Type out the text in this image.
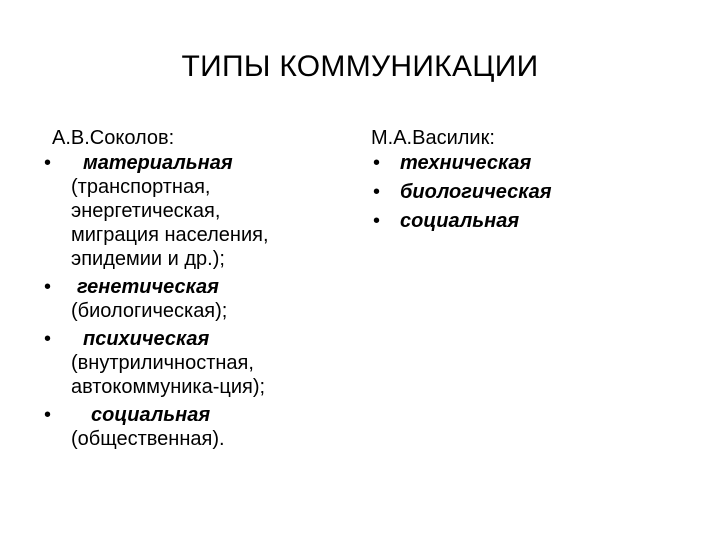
ТИПЫ КОММУНИКАЦИИ
А.В.Соколов:
• материальная
(транспортная,
энергетическая,
миграция населения,
эпидемии и др.);
• генетическая
(биологическая);
• психическая
(внутриличностная,
автокоммуника-ция);
• социальная
(общественная).
М.А.Василик:
• техническая
• биологическая
• социальная
